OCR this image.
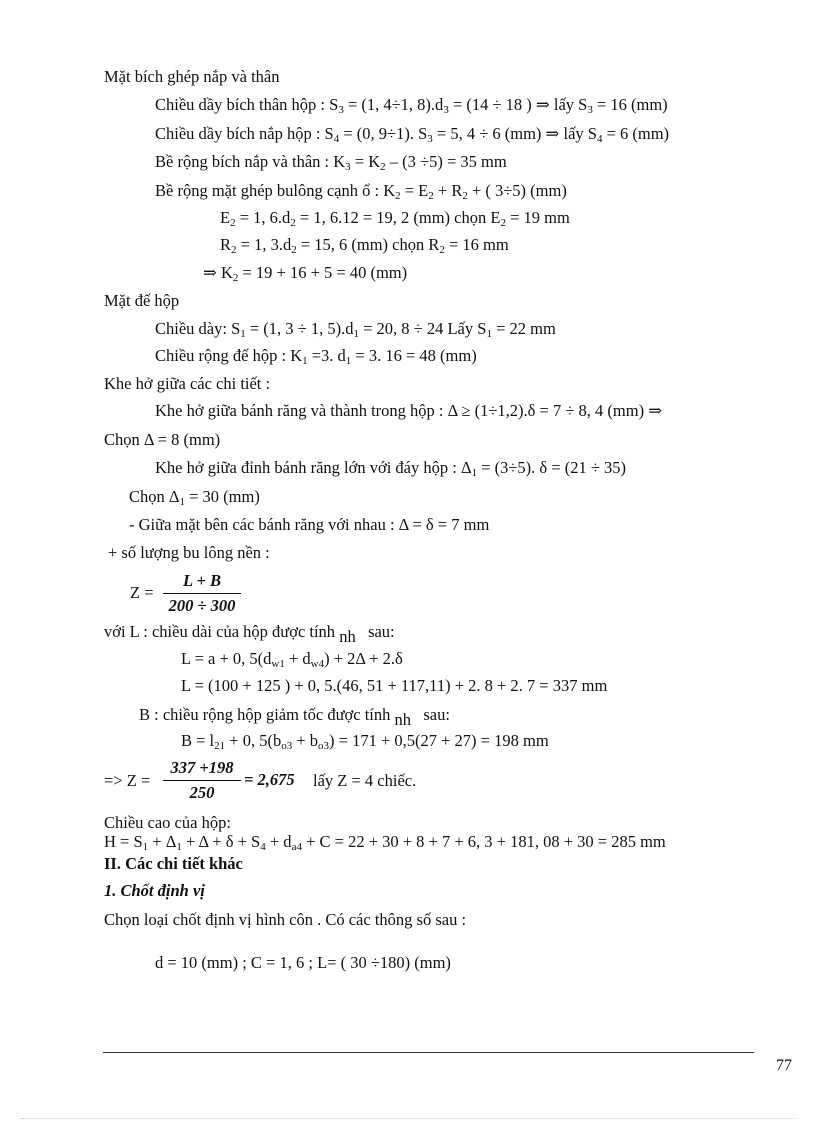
Mặt bích ghép nắp và thân
Chiều dầy bích thân hộp : $S_3 = (1$, 4÷1, $8).d_3 = (14 \div 18$ ) ⇒ lấy $S_3 = 16$ (mm)
Chiều dầy bích nắp hộp : $S_4 = (0$, 9÷1). $S_3 = 5$, 4 ÷ 6 (mm) ⇒ lấy $S_4 = 6$ (mm)
Bề rộng bích nắp và thân : $K_3 = K_2 - (3 \div 5) = 35$ mm
Bề rộng mặt ghép bulông cạnh ổ : $K_2 = E_2 + R_2$ + ( 3÷5) (mm)
$E_2 = 1$, $6.d_2 = 1$, 6.12 = 19, 2 (mm) chọn $E_2 = 19$ mm
$R_2 = 1$, $3.d_2 = 15$, 6 (mm) chọn $R_2 = 16$ mm
⇒ $K_2 = 19 + 16 + 5 = 40$ (mm)
Mặt đế hộp
Chiều dày: $S_1 = (1$, 3 ÷ 1, $5).d_1 = 20$, 8 ÷ 24 Lấy $S_1 = 22$ mm
Chiều rộng đế hộp : $K_1 =3$. $d_1 = 3$. 16 = 48 (mm)
Khe hở giữa các chi tiết :
Khe hở giữa bánh răng và thành trong hộp : Δ ≥ (1÷1,2).δ = 7 ÷ 8, 4 (mm) ⇒
Chọn Δ = 8 (mm)
Khe hở giữa đỉnh bánh răng lớn với đáy hộp : $\Delta_1 = (3\div 5)$. δ = (21 ÷ 35)
Chọn $\Delta_1 = 30$ (mm)
- Giữa mặt bên các bánh răng với nhau : Δ = δ = 7 mm
+ số lượng bu lông nền :
$Z = \frac{L + B}{200 \div 300}$
với L : chiều dài của hộp được tính nh sau:
L = a + 0, $5(d_{w1} + d_{w4}) + 2\Delta + 2.\delta$
L = (100 + 125 ) + 0, 5.(46, 51 + 117,11) + 2. 8 + 2. 7 = 337 mm
B : chiều rộng hộp giảm tốc được tính nh sau:
$B = l_{21} + 0$, $5(b_{o3} + b_{o3}) = 171 + 0,5(27 + 27) = 198$ mm
=> $Z = \frac{337 +198}{250} = 2,675$ lấy Z = 4 chiếc.
Chiều cao của hộp:
$H = S_1 + \Delta_1 + \Delta + \delta + S_4 + d_{a4} + C = 22 + 30 + 8 + 7 + 6$, 3 + 181, 08 + 30 = 285 mm
II. Các chi tiết khác
1. Chốt định vị
Chọn loại chốt định vị hình côn . Có các thông số sau :
d = 10 (mm) ; C = 1, 6 ; L= ( 30 ÷180) (mm)
77
